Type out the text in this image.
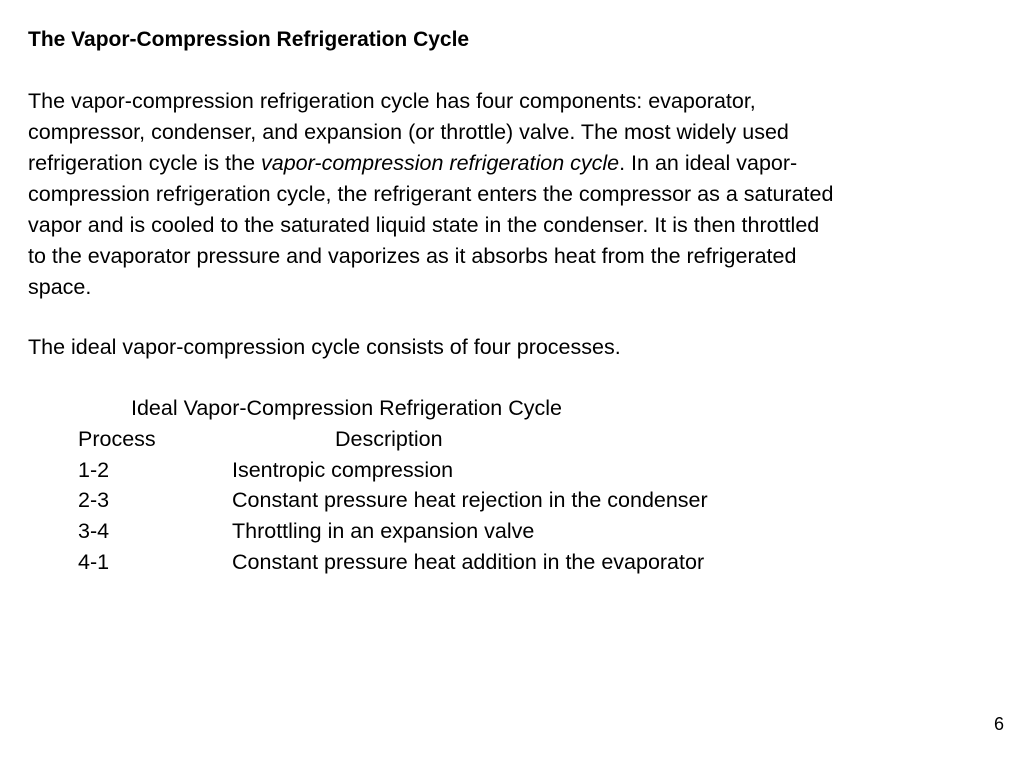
The Vapor-Compression Refrigeration Cycle
The vapor-compression refrigeration cycle has four components: evaporator,
compressor, condenser, and expansion (or throttle) valve. The most widely used
refrigeration cycle is the vapor-compression refrigeration cycle. In an ideal vapor-
compression refrigeration cycle, the refrigerant enters the compressor as a saturated
vapor and is cooled to the saturated liquid state in the condenser. It is then throttled
to the evaporator pressure and vaporizes as it absorbs heat from the refrigerated
space.
The ideal vapor-compression cycle consists of four processes.
Ideal Vapor-Compression Refrigeration Cycle
Process	Description
1-2	Isentropic compression
2-3	Constant pressure heat rejection in the condenser
3-4	Throttling in an expansion valve
4-1	Constant pressure heat addition in the evaporator
6
